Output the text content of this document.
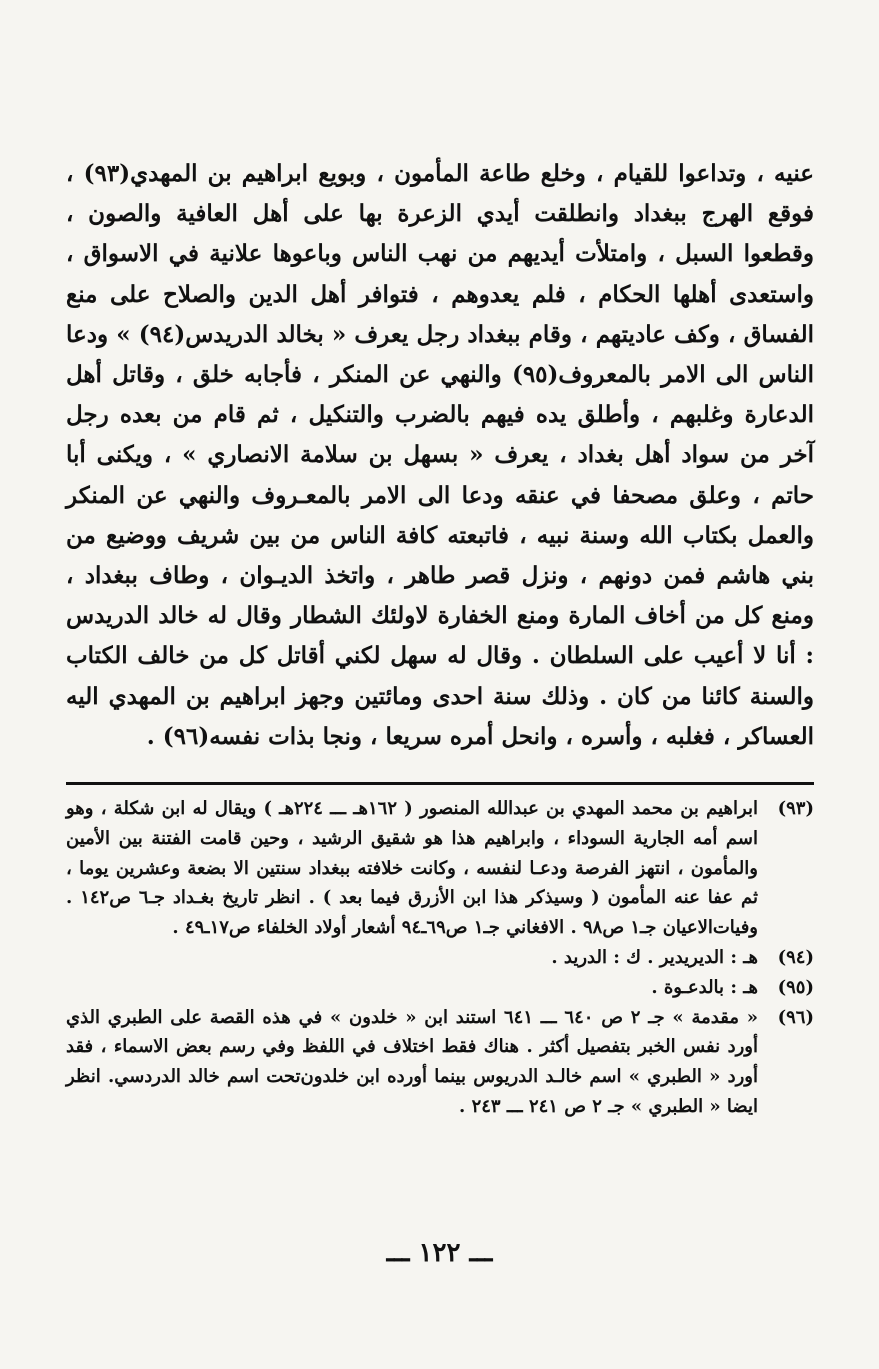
عنيه ، وتداعوا للقيام ، وخلع طاعة المأمون ، وبويع ابراهيم بن المهدي(٩٣) ، فوقع الهرج ببغداد وانطلقت أيدي الزعرة بها على أهل العافية والصون ، وقطعوا السبل ، وامتلأت أيديهم من نهب الناس وباعوها علانية في الاسواق ، واستعدى أهلها الحكام ، فلم يعدوهم ، فتوافر أهل الدين والصلاح على منع الفساق ، وكف عاديتهم ، وقام ببغداد رجل يعرف « بخالد الدريدس(٩٤) » ودعا الناس الى الامر بالمعروف(٩٥) والنهي عن المنكر ، فأجابه خلق ، وقاتل أهل الدعارة وغلبهم ، وأطلق يده فيهم بالضرب والتنكيل ، ثم قام من بعده رجل آخر من سواد أهل بغداد ، يعرف « بسهل بن سلامة الانصاري » ، ويكنى أبا حاتم ، وعلق مصحفا في عنقه ودعا الى الامر بالمعـروف والنهي عن المنكر والعمل بكتاب الله وسنة نبيه ، فاتبعته كافة الناس من بين شريف ووضيع من بني هاشم فمن دونهم ، ونزل قصر طاهر ، واتخذ الديـوان ، وطاف ببغداد ، ومنع كل من أخاف المارة ومنع الخفارة لاولئك الشطار وقال له خالد الدريدس : أنا لا أعيب على السلطان . وقال له سهل لكني أقاتل كل من خالف الكتاب والسنة كائنا من كان . وذلك سنة احدى ومائتين وجهز ابراهيم بن المهدي اليه العساكر ، فغلبه ، وأسره ، وانحل أمره سريعا ، ونجا بذات نفسه(٩٦) .

(٩٣)
ابراهيم بن محمد المهدي بن عبدالله المنصور ( ١٦٢هـ ـــ ٢٢٤هـ ) ويقال له ابن شكلة ، وهو اسم أمه الجارية السوداء ، وابراهيم هذا هو شقيق الرشيد ، وحين قامت الفتنة بين الأمين والمأمون ، انتهز الفرصة ودعـا لنفسه ، وكانت خلافته ببغداد سنتين الا بضعة وعشرين يوما ، ثم عفا عنه المأمون ( وسيذكر هذا ابن الأزرق فيما بعد ) . انظر تاريخ بغـداد جـ٦ ص١٤٢ . وفيات‌الاعيان جـ١ ص٩٨ . الافغاني جـ١ ص٦٩ـ٩٤ أشعار أولاد الخلفاء ص١٧ـ٤٩ .
(٩٤)
هـ : الديريدير . ك : الدريد .
(٩٥)
هـ : بالدعـوة .
(٩٦)
« مقدمة » جـ ٢ ص ٦٤٠ ـــ ٦٤١ استند ابن « خلدون » في هذه القصة على الطبري الذي أورد نفس الخبر بتفصيل أكثر . هناك فقط اختلاف في اللفظ وفي رسم بعض الاسماء ، فقد أورد « الطبري » اسم خالـد الدريوس بينما أورده ابن خلدون‌تحت اسم خالد الدردسي. انظر ايضا « الطبري » جـ ٢ ص ٢٤١ ـــ ٢٤٣ .
ـــ ١٢٢ ـــ
